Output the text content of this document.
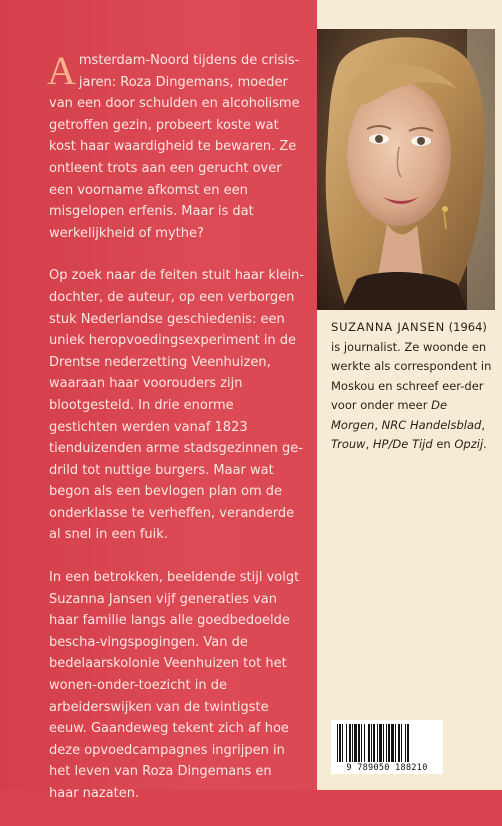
Amsterdam-Noord tijdens de crisis-jaren: Roza Dingemans, moeder van een door schulden en alcoholisme getroffen gezin, probeert koste wat kost haar waardigheid te bewaren. Ze ontleent trots aan een gerucht over een voorname afkomst en een misgelopen erfenis. Maar is dat werkelijkheid of mythe?

Op zoek naar de feiten stuit haar klein-dochter, de auteur, op een verborgen stuk Nederlandse geschiedenis: een uniek heropvoedingsexperiment in de Drentse nederzetting Veenhuizen, waaraan haar voorouders zijn blootgesteld. In drie enorme gestichten werden vanaf 1823 tienduizenden arme stadsgezinnen ge-drild tot nuttige burgers. Maar wat begon als een bevlogen plan om de onderklasse te verheffen, veranderde al snel in een fuik.

In een betrokken, beeldende stijl volgt Suzanna Jansen vijf generaties van haar familie langs alle goedbedoelde bescha-vingspogingen. Van de bedelaarskolonie Veenhuizen tot het wonen-onder-toezicht in de arbeiderswijken van de twintigste eeuw. Gaandeweg tekent zich af hoe deze opvoedcampagnes ingrijpen in het leven van Roza Dingemans en haar nazaten.

SUZANNA JANSEN (1964) is journalist. Ze woonde en werkte als correspondent in Moskou en schreef eer-der voor onder meer De Morgen, NRC Handelsblad, Trouw, HP/De Tijd en Opzij.
9 789050 188210
